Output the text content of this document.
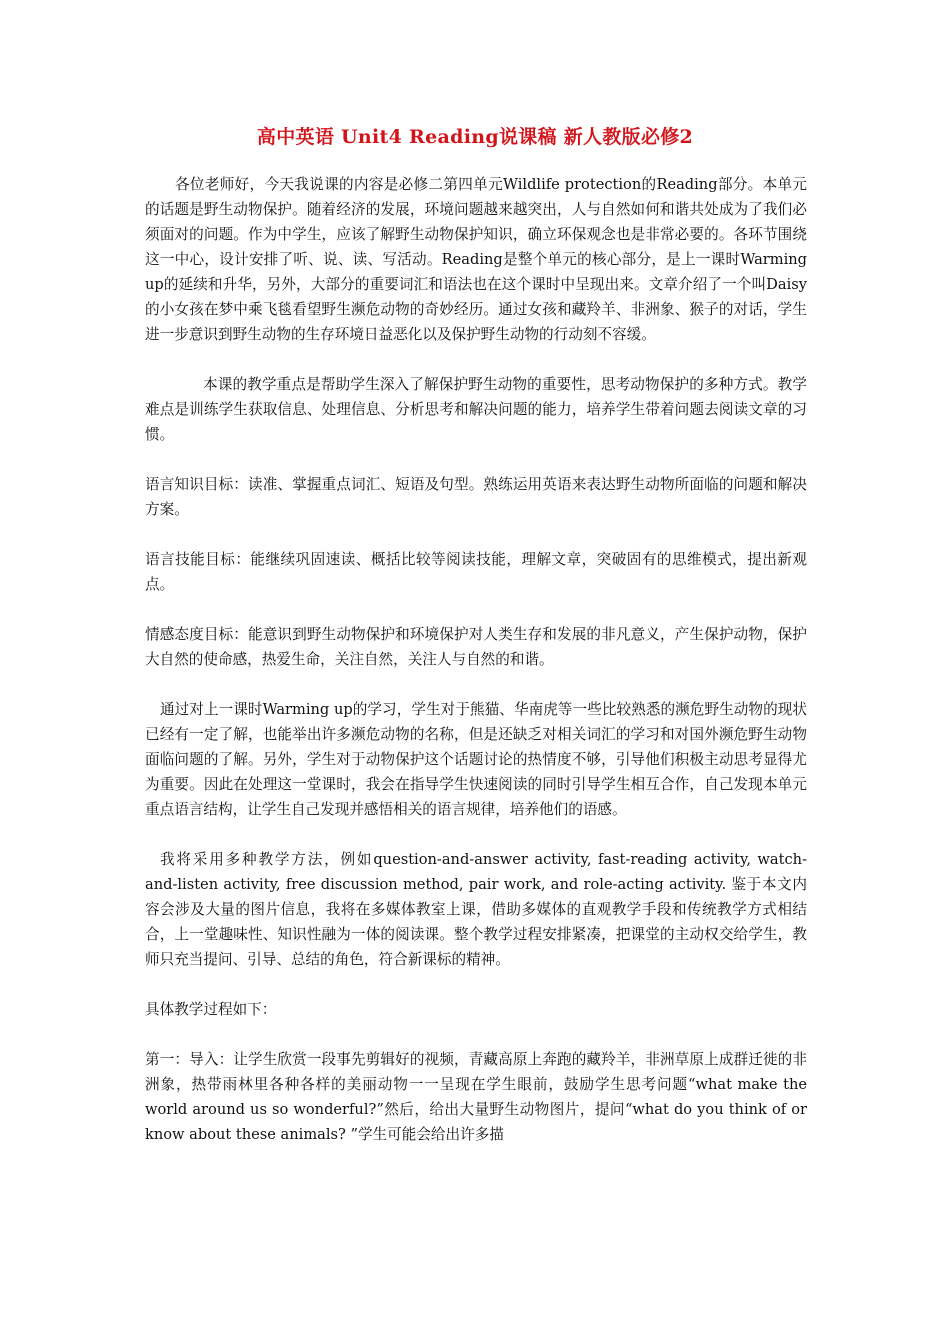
高中英语 Unit4 Reading说课稿 新人教版必修2

各位老师好，今天我说课的内容是必修二第四单元Wildlife protection的Reading部分。本单元的话题是野生动物保护。随着经济的发展，环境问题越来越突出，人与自然如何和谐共处成为了我们必须面对的问题。作为中学生，应该了解野生动物保护知识，确立环保观念也是非常必要的。各环节围绕这一中心，设计安排了听、说、读、写活动。Reading是整个单元的核心部分，是上一课时Warming up的延续和升华，另外，大部分的重要词汇和语法也在这个课时中呈现出来。文章介绍了一个叫Daisy的小女孩在梦中乘飞毯看望野生濒危动物的奇妙经历。通过女孩和藏羚羊、非洲象、猴子的对话，学生进一步意识到野生动物的生存环境日益恶化以及保护野生动物的行动刻不容缓。

本课的教学重点是帮助学生深入了解保护野生动物的重要性，思考动物保护的多种方式。教学难点是训练学生获取信息、处理信息、分析思考和解决问题的能力，培养学生带着问题去阅读文章的习惯。

语言知识目标：读准、掌握重点词汇、短语及句型。熟练运用英语来表达野生动物所面临的问题和解决方案。

语言技能目标：能继续巩固速读、概括比较等阅读技能，理解文章，突破固有的思维模式，提出新观点。

情感态度目标：能意识到野生动物保护和环境保护对人类生存和发展的非凡意义，产生保护动物，保护大自然的使命感，热爱生命，关注自然，关注人与自然的和谐。

通过对上一课时Warming up的学习，学生对于熊猫、华南虎等一些比较熟悉的濒危野生动物的现状已经有一定了解，也能举出许多濒危动物的名称，但是还缺乏对相关词汇的学习和对国外濒危野生动物面临问题的了解。另外，学生对于动物保护这个话题讨论的热情度不够，引导他们积极主动思考显得尤为重要。因此在处理这一堂课时，我会在指导学生快速阅读的同时引导学生相互合作，自己发现本单元重点语言结构，让学生自己发现并感悟相关的语言规律，培养他们的语感。

我将采用多种教学方法，例如question-and-answer activity, fast-reading activity, watch-and-listen activity, free discussion method, pair work, and role-acting activity. 鉴于本文内容会涉及大量的图片信息，我将在多媒体教室上课，借助多媒体的直观教学手段和传统教学方式相结合，上一堂趣味性、知识性融为一体的阅读课。整个教学过程安排紧凑，把课堂的主动权交给学生，教师只充当提问、引导、总结的角色，符合新课标的精神。

具体教学过程如下：

第一：导入：让学生欣赏一段事先剪辑好的视频，青藏高原上奔跑的藏羚羊，非洲草原上成群迁徙的非洲象，热带雨林里各种各样的美丽动物一一呈现在学生眼前，鼓励学生思考问题“what make the world around us so wonderful?”然后，给出大量野生动物图片，提问“what do you think of or know about these animals? ”学生可能会给出许多描
